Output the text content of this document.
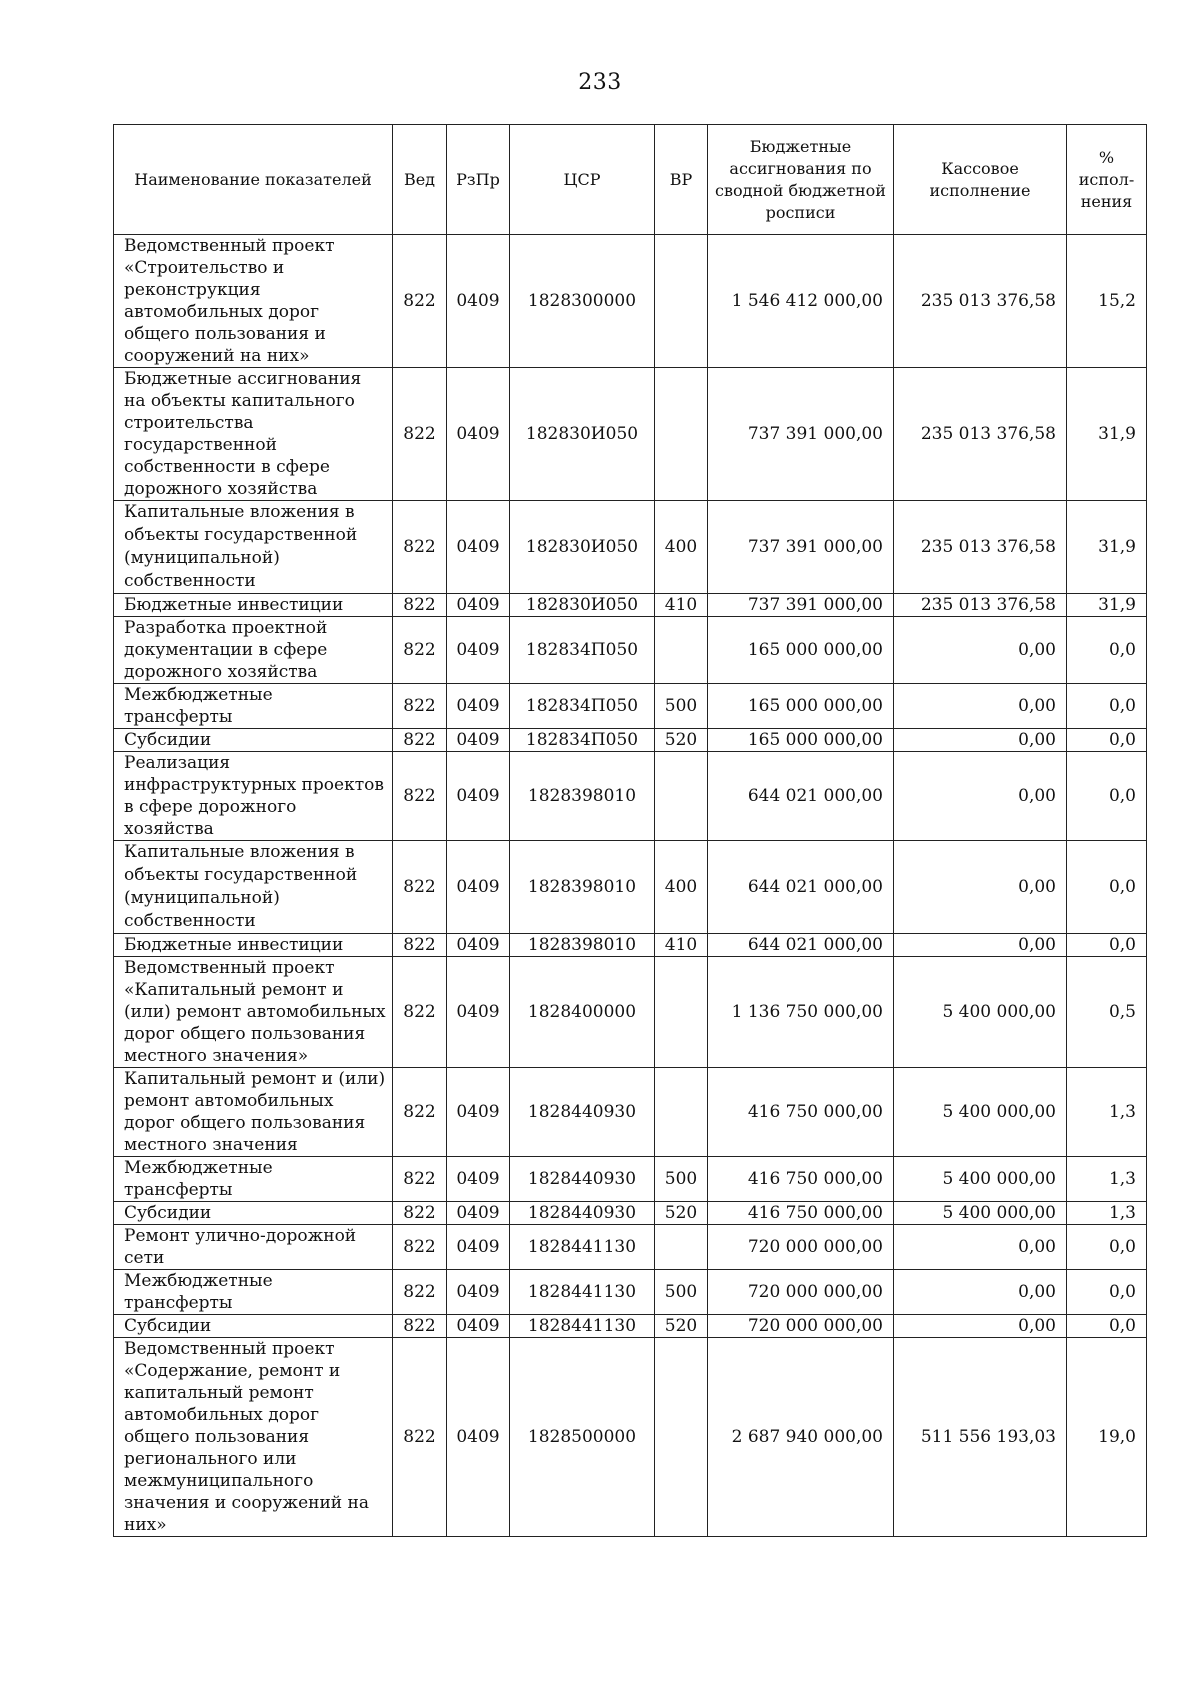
233
Наименование показателей	Вед	РзПр	ЦСР	ВР	Бюджетные ассигнования по сводной бюджетной росписи	Кассовое исполнение	% испол-нения
Ведомственный проект «Строительство и реконструкция автомобильных дорог общего пользования и сооружений на них»	822	0409	1828300000		1 546 412 000,00	235 013 376,58	15,2
Бюджетные ассигнования на объекты капитального строительства государственной собственности в сфере дорожного хозяйства	822	0409	182830И050		737 391 000,00	235 013 376,58	31,9
Капитальные вложения в объекты государственной (муниципальной) собственности	822	0409	182830И050	400	737 391 000,00	235 013 376,58	31,9
Бюджетные инвестиции	822	0409	182830И050	410	737 391 000,00	235 013 376,58	31,9
Разработка проектной документации в сфере дорожного хозяйства	822	0409	182834П050		165 000 000,00	0,00	0,0
Межбюджетные трансферты	822	0409	182834П050	500	165 000 000,00	0,00	0,0
Субсидии	822	0409	182834П050	520	165 000 000,00	0,00	0,0
Реализация инфраструктурных проектов в сфере дорожного хозяйства	822	0409	1828398010		644 021 000,00	0,00	0,0
Капитальные вложения в объекты государственной (муниципальной) собственности	822	0409	1828398010	400	644 021 000,00	0,00	0,0
Бюджетные инвестиции	822	0409	1828398010	410	644 021 000,00	0,00	0,0
Ведомственный проект «Капитальный ремонт и (или) ремонт автомобильных дорог общего пользования местного значения»	822	0409	1828400000		1 136 750 000,00	5 400 000,00	0,5
Капитальный ремонт и (или) ремонт автомобильных дорог общего пользования местного значения	822	0409	1828440930		416 750 000,00	5 400 000,00	1,3
Межбюджетные трансферты	822	0409	1828440930	500	416 750 000,00	5 400 000,00	1,3
Субсидии	822	0409	1828440930	520	416 750 000,00	5 400 000,00	1,3
Ремонт улично-дорожной сети	822	0409	1828441130		720 000 000,00	0,00	0,0
Межбюджетные трансферты	822	0409	1828441130	500	720 000 000,00	0,00	0,0
Субсидии	822	0409	1828441130	520	720 000 000,00	0,00	0,0
Ведомственный проект «Содержание, ремонт и капитальный ремонт автомобильных дорог общего пользования регионального или межмуниципального значения и сооружений на них»	822	0409	1828500000		2 687 940 000,00	511 556 193,03	19,0
